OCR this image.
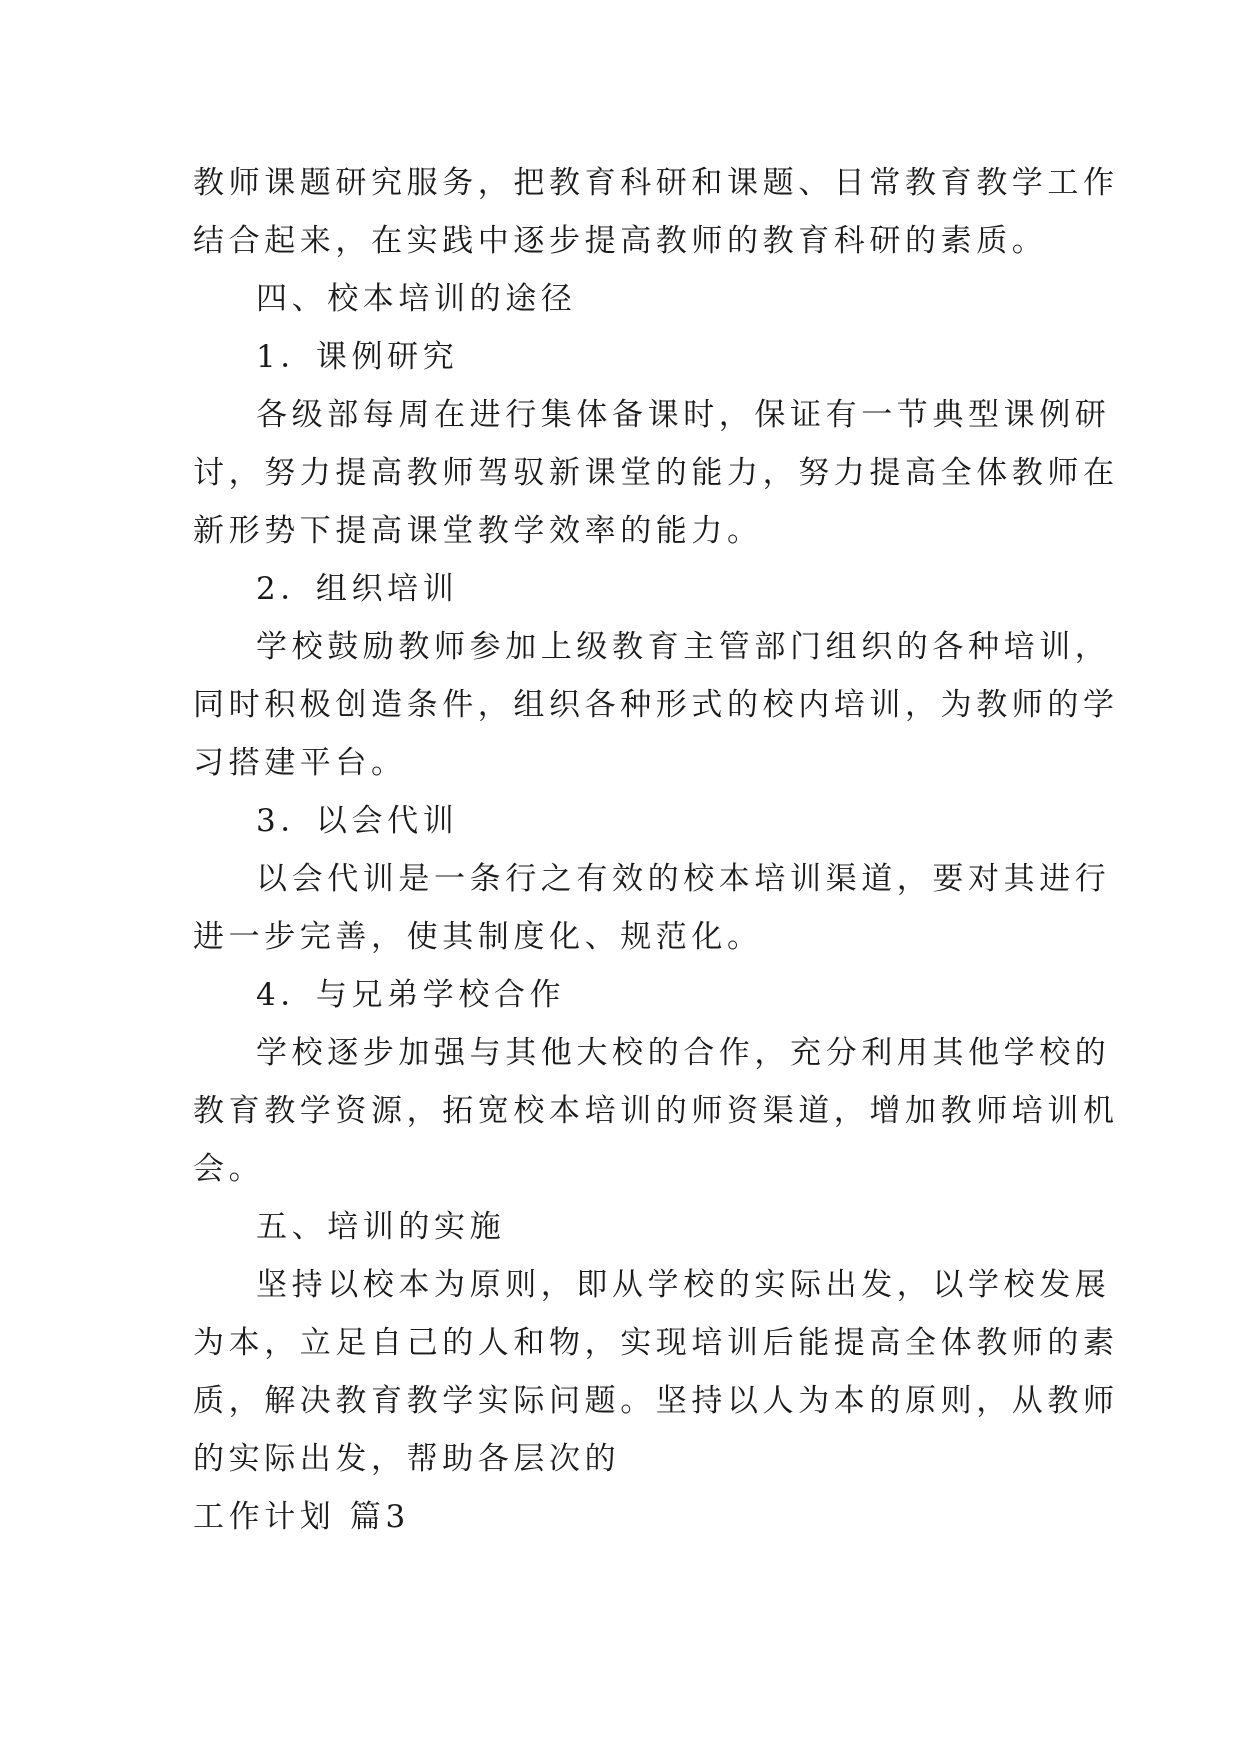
教师课题研究服务，把教育科研和课题、日常教育教学工作
结合起来，在实践中逐步提高教师的教育科研的素质。
四、校本培训的途径
1．课例研究
各级部每周在进行集体备课时，保证有一节典型课例研
讨，努力提高教师驾驭新课堂的能力，努力提高全体教师在
新形势下提高课堂教学效率的能力。
2．组织培训
学校鼓励教师参加上级教育主管部门组织的各种培训，
同时积极创造条件，组织各种形式的校内培训，为教师的学
习搭建平台。
3．以会代训
以会代训是一条行之有效的校本培训渠道，要对其进行
进一步完善，使其制度化、规范化。
4．与兄弟学校合作
学校逐步加强与其他大校的合作，充分利用其他学校的
教育教学资源，拓宽校本培训的师资渠道，增加教师培训机
会。
五、培训的实施
坚持以校本为原则，即从学校的实际出发，以学校发展
为本，立足自己的人和物，实现培训后能提高全体教师的素
质，解决教育教学实际问题。坚持以人为本的原则，从教师
的实际出发，帮助各层次的
工作计划 篇3
